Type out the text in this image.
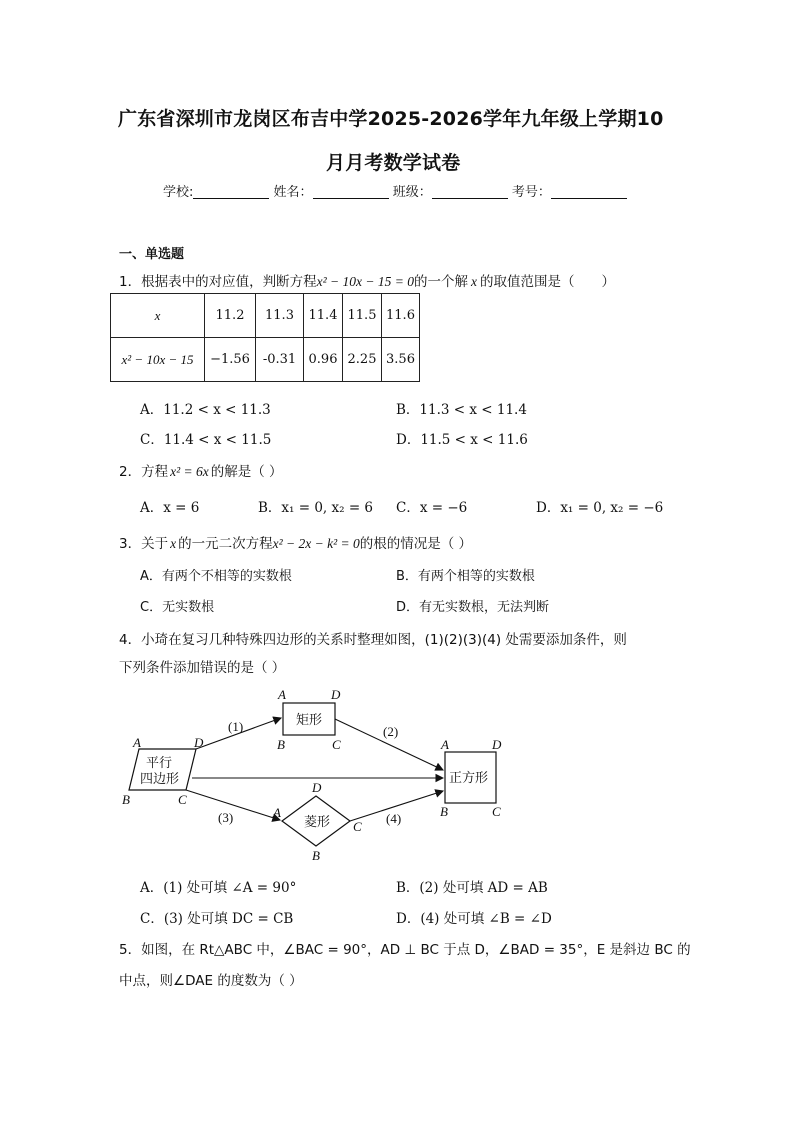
广东省深圳市龙岗区布吉中学2025-2026学年九年级上学期10
月月考数学试卷
学校:	姓名：	班级：	考号：
一、单选题
1．根据表中的对应值，判断方程x² − 10x − 15 = 0的一个解 x 的取值范围是（　　）
x	11.2	11.3	11.4	11.5	11.6
x² − 10x − 15	−1.56	-0.31	0.96	2.25	3.56
A．11.2 < x < 11.3	B．11.3 < x < 11.4
C．11.4 < x < 11.5	D．11.5 < x < 11.6
2．方程 x² = 6x 的解是（ ）
A．x = 6	B．x₁ = 0, x₂ = 6 C．x = −6	D．x₁ = 0, x₂ = −6
3．关于 x 的一元二次方程x² − 2x − k² = 0的根的情况是（ ）
A．有两个不相等的实数根	B．有两个相等的实数根
C．无实数根	D．有无实数根，无法判断
4．小琦在复习几种特殊四边形的关系时整理如图，(1)(2)(3)(4) 处需要添加条件，则
下列条件添加错误的是（ ）
A	D
B	C
平行
四边形
A	D
B	C
矩形
D
A
C
B
菱形
A	D
B	C
正方形
(1)	(2)
(3)	(4)
A．(1) 处可填 ∠A = 90°	B．(2) 处可填 AD = AB
C．(3) 处可填 DC = CB	D．(4) 处可填 ∠B = ∠D
5．如图，在 Rt△ABC 中，∠BAC = 90°，AD ⊥ BC 于点 D，∠BAD = 35°，E 是斜边 BC 的
中点，则∠DAE 的度数为（ ）
